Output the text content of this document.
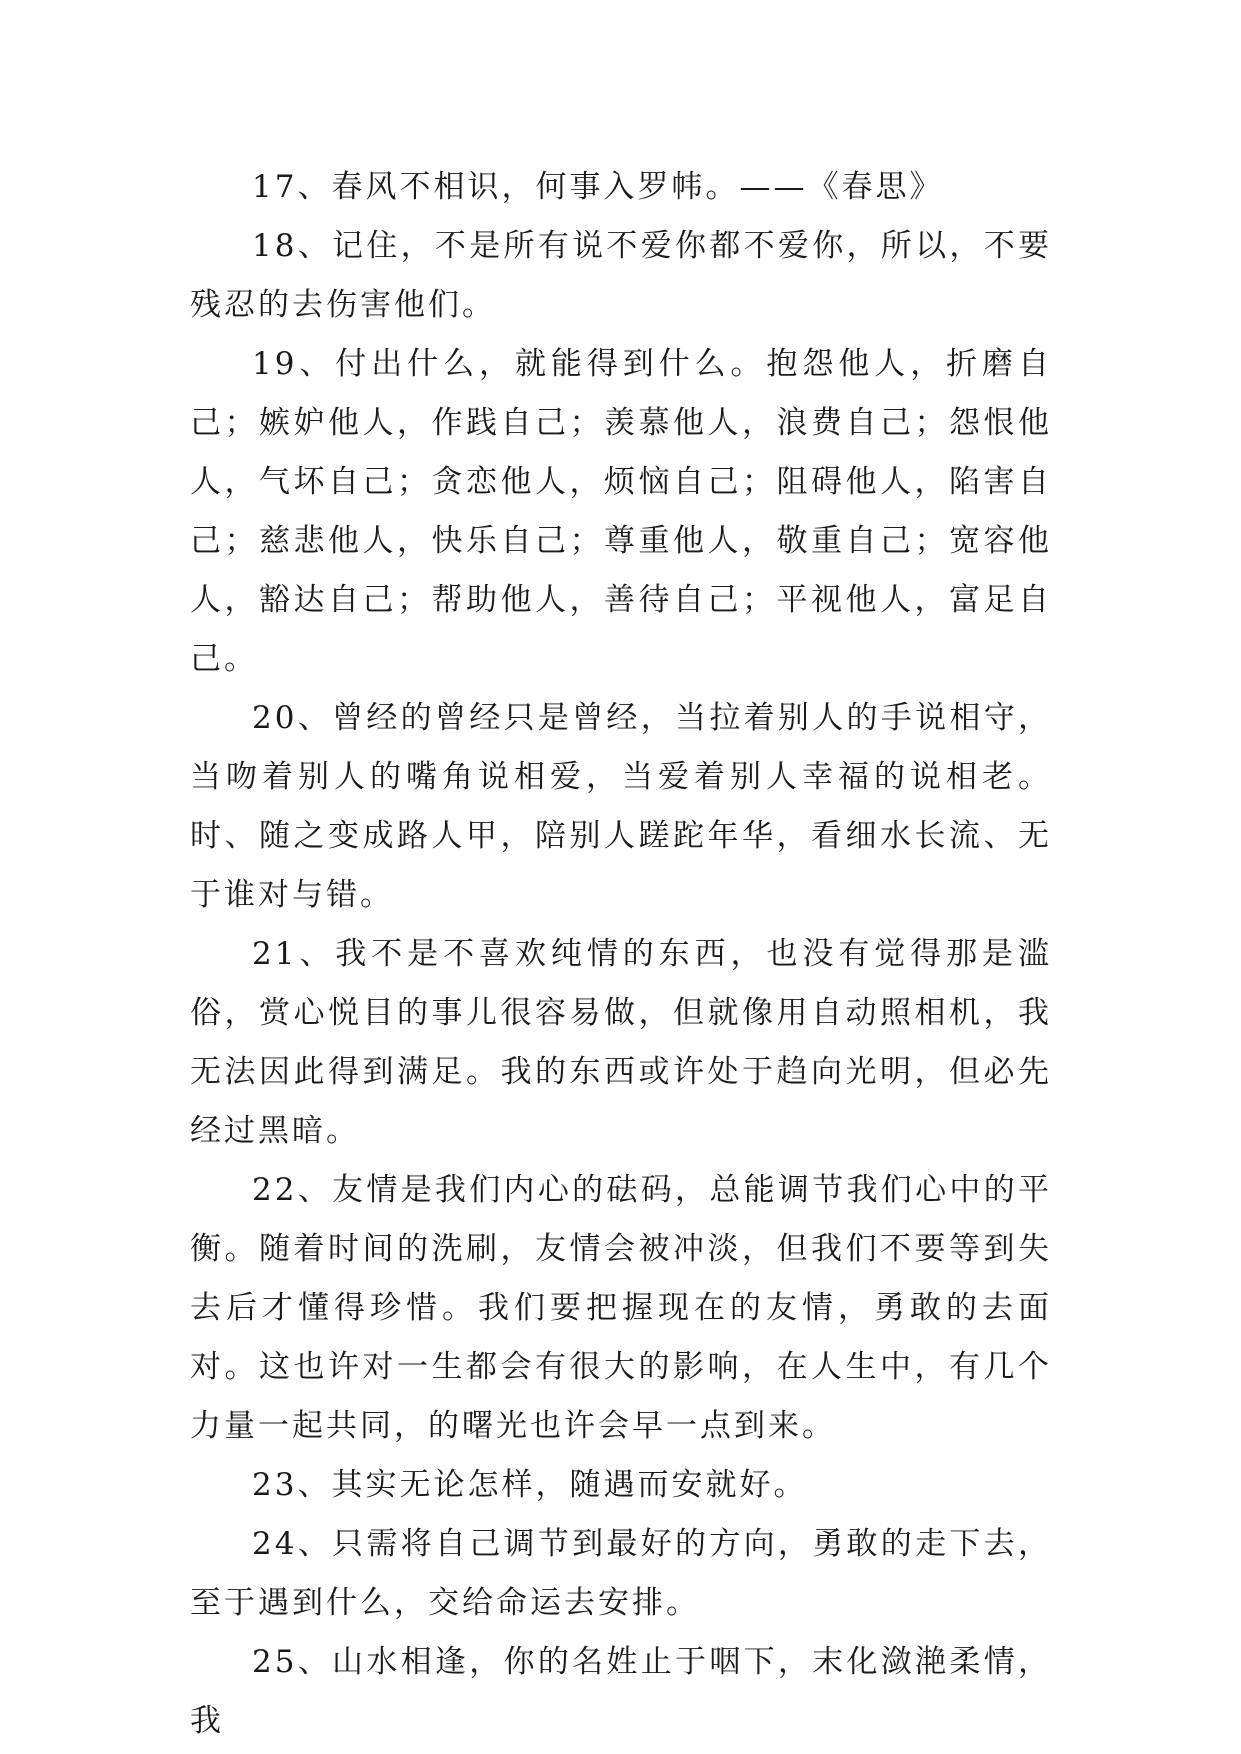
17、春风不相识，何事入罗帏。——《春思》

18、记住，不是所有说不爱你都不爱你，所以，不要残忍的去伤害他们。

19、付出什么，就能得到什么。抱怨他人，折磨自己；嫉妒他人，作践自己；羡慕他人，浪费自己；怨恨他人，气坏自己；贪恋他人，烦恼自己；阻碍他人，陷害自己；慈悲他人，快乐自己；尊重他人，敬重自己；宽容他人，豁达自己；帮助他人，善待自己；平视他人，富足自己。

20、曾经的曾经只是曾经，当拉着别人的手说相守，当吻着别人的嘴角说相爱，当爱着别人幸福的说相老。时、随之变成路人甲，陪别人蹉跎年华，看细水长流、无于谁对与错。

21、我不是不喜欢纯情的东西，也没有觉得那是滥俗，赏心悦目的事儿很容易做，但就像用自动照相机，我无法因此得到满足。我的东西或许处于趋向光明，但必先经过黑暗。

22、友情是我们内心的砝码，总能调节我们心中的平衡。随着时间的洗刷，友情会被冲淡，但我们不要等到失去后才懂得珍惜。我们要把握现在的友情，勇敢的去面对。这也许对一生都会有很大的影响，在人生中，有几个力量一起共同，的曙光也许会早一点到来。

23、其实无论怎样，随遇而安就好。

24、只需将自己调节到最好的方向，勇敢的走下去，至于遇到什么，交给命运去安排。

25、山水相逢，你的名姓止于咽下，末化潋滟柔情，我
